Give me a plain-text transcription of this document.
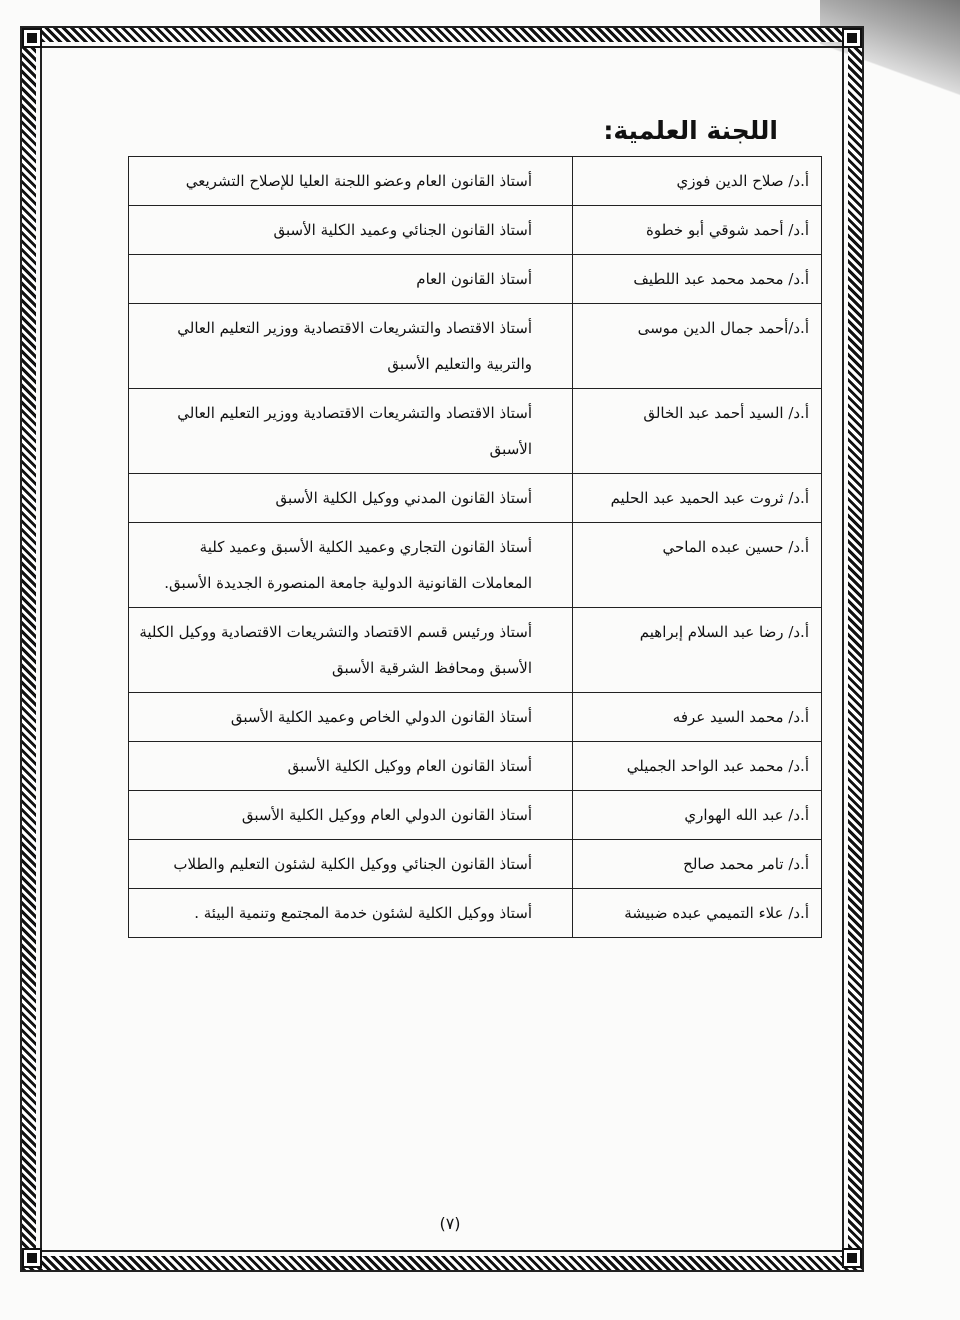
اللجنة العلمية:
أ.د/ صلاح الدين فوزي	أستاذ القانون العام وعضو اللجنة العليا للإصلاح التشريعي
أ.د/ أحمد شوقي أبو خطوة	أستاذ القانون الجنائي وعميد الكلية الأسبق
أ.د/ محمد محمد عبد اللطيف	أستاذ القانون العام
أ.د/أحمد جمال الدين موسى	أستاذ الاقتصاد والتشريعات الاقتصادية ووزير التعليم العالي والتربية والتعليم الأسبق
أ.د/ السيد أحمد عبد الخالق	أستاذ الاقتصاد والتشريعات الاقتصادية ووزير التعليم العالي الأسبق
أ.د/ ثروت عبد الحميد عبد الحليم	أستاذ القانون المدني ووكيل الكلية الأسبق
أ.د/ حسين عبده الماحي	أستاذ القانون التجاري وعميد الكلية الأسبق وعميد كلية المعاملات القانونية الدولية جامعة المنصورة الجديدة الأسبق.
أ.د/ رضا عبد السلام إبراهيم	أستاذ ورئيس قسم الاقتصاد والتشريعات الاقتصادية ووكيل الكلية الأسبق ومحافظ الشرقية الأسبق
أ.د/ محمد السيد عرفه	أستاذ القانون الدولي الخاص وعميد الكلية الأسبق
أ.د/ محمد عبد الواحد الجميلي	أستاذ القانون العام ووكيل الكلية الأسبق
أ.د/ عبد الله الهواري	أستاذ القانون الدولي العام ووكيل الكلية الأسبق
أ.د/ تامر محمد صالح	أستاذ القانون الجنائي ووكيل الكلية لشئون التعليم والطلاب
أ.د/ علاء التميمي عبده ضبيشة	أستاذ ووكيل الكلية لشئون خدمة المجتمع وتنمية البيئة .
(٧)
